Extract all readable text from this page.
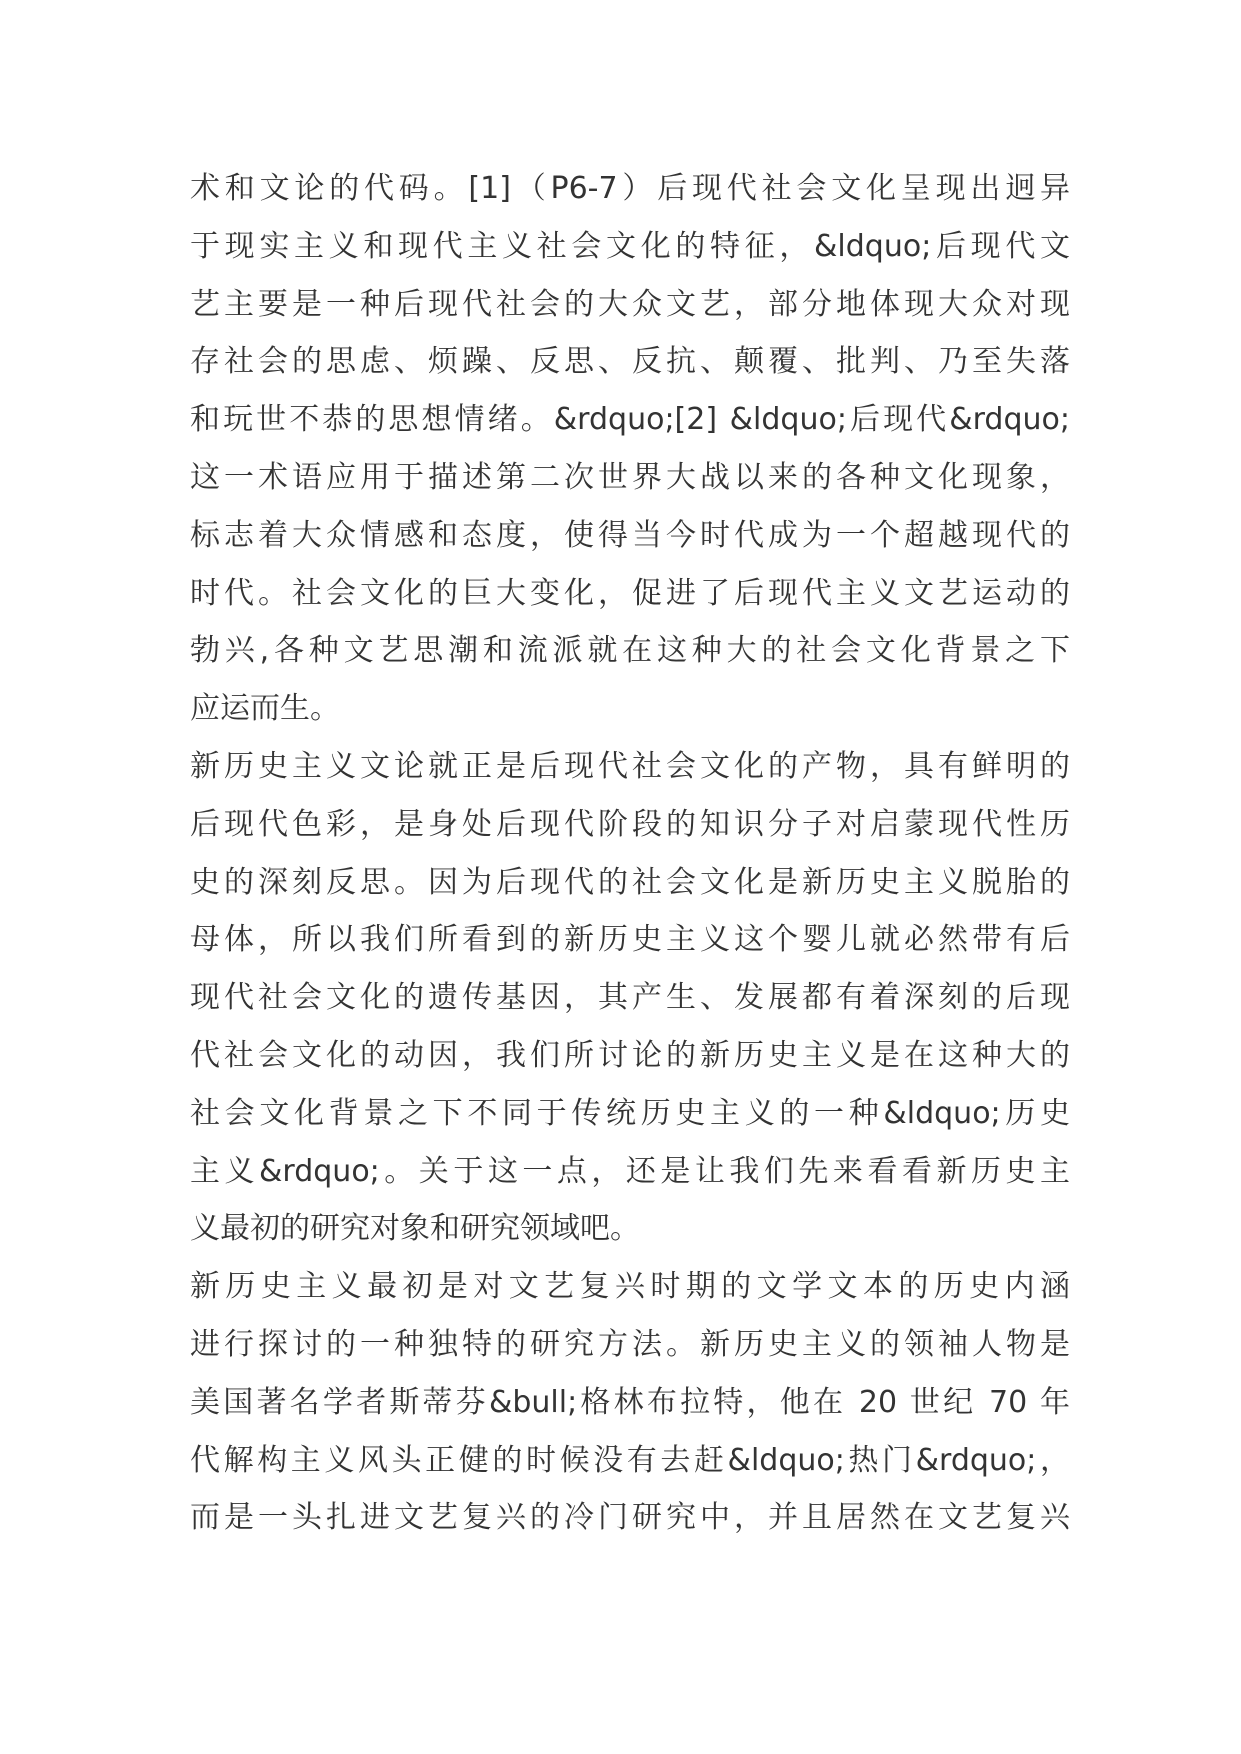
术和文论的代码。[1]（P6-7）后现代社会文化呈现出迥异
于现实主义和现代主义社会文化的特征，&ldquo;后现代文
艺主要是一种后现代社会的大众文艺，部分地体现大众对现
存社会的思虑、烦躁、反思、反抗、颠覆、批判、乃至失落
和玩世不恭的思想情绪。&rdquo;[2] &ldquo;后现代&rdquo;
这一术语应用于描述第二次世界大战以来的各种文化现象，
标志着大众情感和态度，使得当今时代成为一个超越现代的
时代。社会文化的巨大变化，促进了后现代主义文艺运动的
勃兴,各种文艺思潮和流派就在这种大的社会文化背景之下
应运而生。
新历史主义文论就正是后现代社会文化的产物，具有鲜明的
后现代色彩，是身处后现代阶段的知识分子对启蒙现代性历
史的深刻反思。因为后现代的社会文化是新历史主义脱胎的
母体，所以我们所看到的新历史主义这个婴儿就必然带有后
现代社会文化的遗传基因，其产生、发展都有着深刻的后现
代社会文化的动因，我们所讨论的新历史主义是在这种大的
社会文化背景之下不同于传统历史主义的一种&ldquo;历史
主义&rdquo;。关于这一点，还是让我们先来看看新历史主
义最初的研究对象和研究领域吧。
新历史主义最初是对文艺复兴时期的文学文本的历史内涵
进行探讨的一种独特的研究方法。新历史主义的领袖人物是
美国著名学者斯蒂芬&bull;格林布拉特，他在 20 世纪 70 年
代解构主义风头正健的时候没有去赶&ldquo;热门&rdquo;，
而是一头扎进文艺复兴的冷门研究中，并且居然在文艺复兴
